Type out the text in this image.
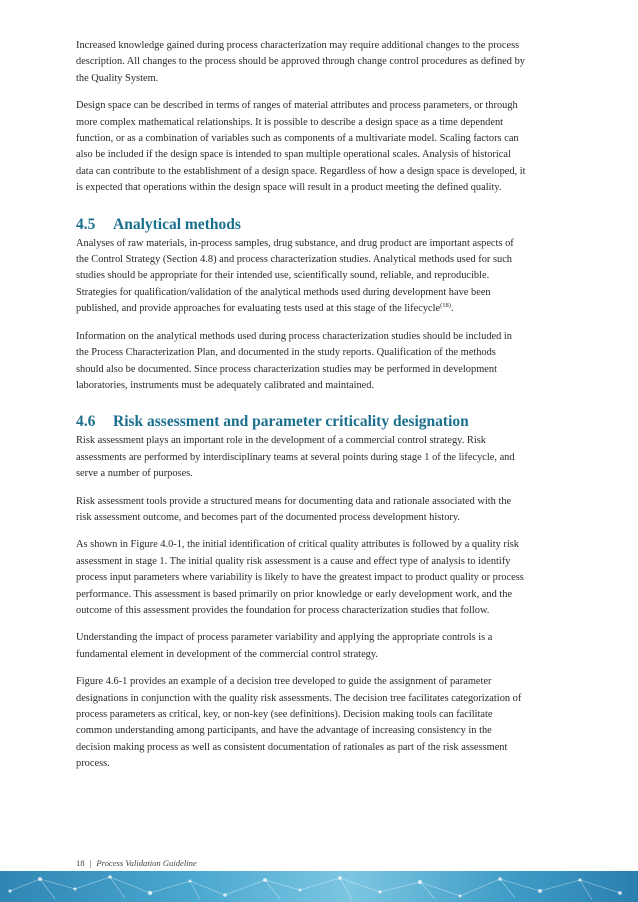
Increased knowledge gained during process characterization may require additional changes to the process description. All changes to the process should be approved through change control procedures as defined by the Quality System.

Design space can be described in terms of ranges of material attributes and process parameters, or through more complex mathematical relationships. It is possible to describe a design space as a time dependent function, or as a combination of variables such as components of a multivariate model. Scaling factors can also be included if the design space is intended to span multiple operational scales. Analysis of historical data can contribute to the establishment of a design space. Regardless of how a design space is developed, it is expected that operations within the design space will result in a product meeting the defined quality.

4.5 Analytical methods

Analyses of raw materials, in-process samples, drug substance, and drug product are important aspects of the Control Strategy (Section 4.8) and process characterization studies. Analytical methods used for such studies should be appropriate for their intended use, scientifically sound, reliable, and reproducible. Strategies for qualification/validation of the analytical methods used during development have been published, and provide approaches for evaluating tests used at this stage of the lifecycle$^{(18)}$.

Information on the analytical methods used during process characterization studies should be included in the Process Characterization Plan, and documented in the study reports. Qualification of the methods should also be documented. Since process characterization studies may be performed in development laboratories, instruments must be adequately calibrated and maintained.

4.6 Risk assessment and parameter criticality designation

Risk assessment plays an important role in the development of a commercial control strategy. Risk assessments are performed by interdisciplinary teams at several points during stage 1 of the lifecycle, and serve a number of purposes.

Risk assessment tools provide a structured means for documenting data and rationale associated with the risk assessment outcome, and becomes part of the documented process development history.

As shown in Figure 4.0-1, the initial identification of critical quality attributes is followed by a quality risk assessment in stage 1. The initial quality risk assessment is a cause and effect type of analysis to identify process input parameters where variability is likely to have the greatest impact to product quality or process performance. This assessment is based primarily on prior knowledge or early development work, and the outcome of this assessment provides the foundation for process characterization studies that follow.

Understanding the impact of process parameter variability and applying the appropriate controls is a fundamental element in development of the commercial control strategy.

Figure 4.6-1 provides an example of a decision tree developed to guide the assignment of parameter designations in conjunction with the quality risk assessments. The decision tree facilitates categorization of process parameters as critical, key, or non-key (see definitions). Decision making tools can facilitate common understanding among participants, and have the advantage of increasing consistency in the decision making process as well as consistent documentation of rationales as part of the risk assessment process.

18 | Process Validation Guideline
